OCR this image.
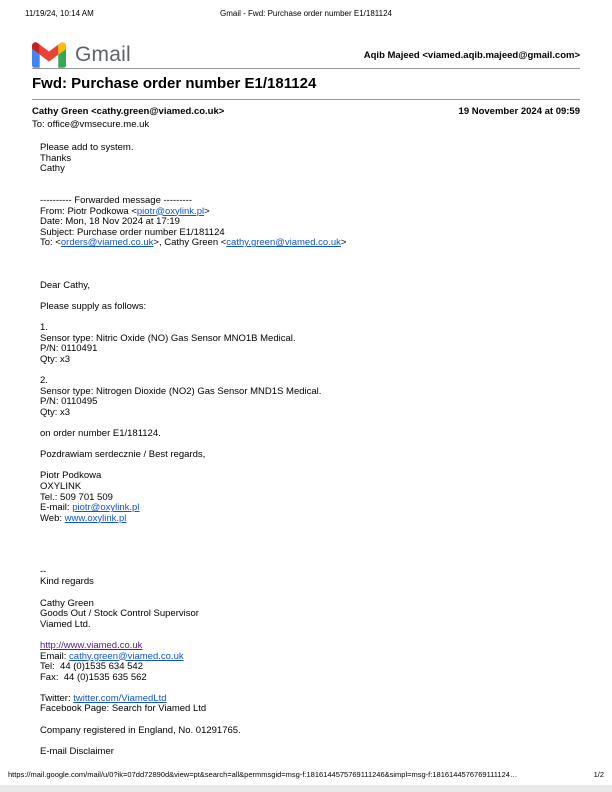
11/19/24, 10:14 AM	Gmail - Fwd: Purchase order number E1/181124
Gmail	Aqib Majeed <viamed.aqib.majeed@gmail.com>
Fwd: Purchase order number E1/181124
Cathy Green <cathy.green@viamed.co.uk>	19 November 2024 at 09:59
To: office@vmsecure.me.uk
Please add to system.
Thanks
Cathy

---------- Forwarded message ---------
From: Piotr Podkowa <piotr@oxylink.pl>
Date: Mon, 18 Nov 2024 at 17:19
Subject: Purchase order number E1/181124
To: <orders@viamed.co.uk>, Cathy Green <cathy.green@viamed.co.uk>

Dear Cathy,

Please supply as follows:

1.
Sensor type: Nitric Oxide (NO) Gas Sensor MNO1B Medical.
P/N: 0110491
Qty: x3

2.
Sensor type: Nitrogen Dioxide (NO2) Gas Sensor MND1S Medical.
P/N: 0110495
Qty: x3

on order number E1/181124.

Pozdrawiam serdecznie / Best regards,

Piotr Podkowa
OXYLINK
Tel.: 509 701 509
E-mail: piotr@oxylink.pl
Web: www.oxylink.pl

--
Kind regards

Cathy Green
Goods Out / Stock Control Supervisor
Viamed Ltd.

http://www.viamed.co.uk
Email: cathy.green@viamed.co.uk
Tel:  44 (0)1535 634 542
Fax:  44 (0)1535 635 562

Twitter: twitter.com/ViamedLtd
Facebook Page: Search for Viamed Ltd

Company registered in England, No. 01291765.

E-mail Disclaimer
https://mail.google.com/mail/u/0?ik=07dd72890d&view=pt&search=all&permmsgid=msg-f:1816144575769111246&simpl=msg-f:1816144576769111124…	1/2
